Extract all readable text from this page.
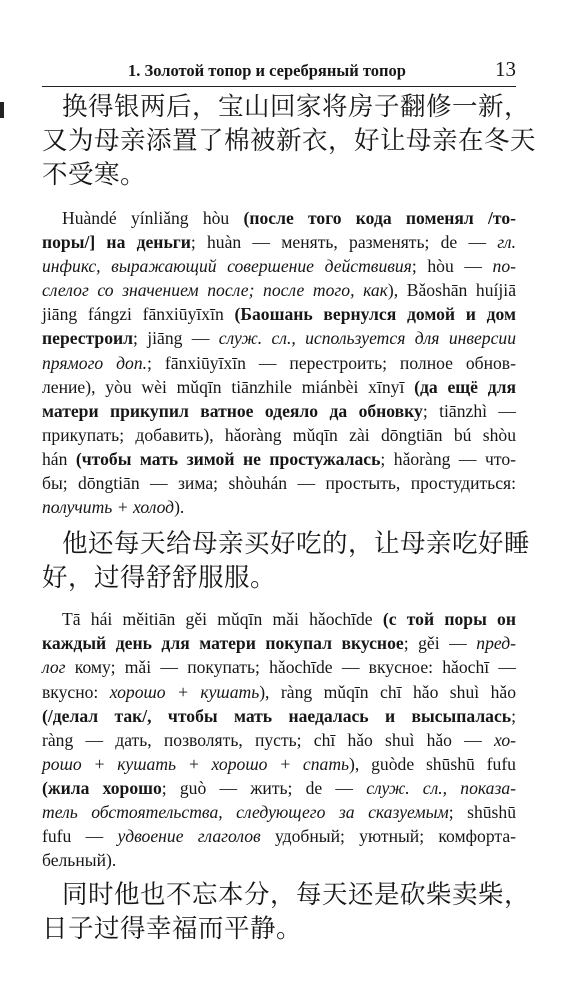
1. Золотой топор и серебряный топор	13

换得银两后，宝山回家将房子翻修一新，
又为母亲添置了棉被新衣，好让母亲在冬天
不受寒。

Huàndé yínliǎng hòu (после того кода поменял /то-
поры/] на деньги; huàn — менять, разменять; de — гл.
инфикс, выражающий совершение действивия; hòu — по-
слелог со значением после; после того, как), Bǎoshān huíjiā
jiāng fángzi fānxiūyīxīn (Баошань вернулся домой и дом
перестроил; jiāng — служ. сл., используется для инверсии
прямого доп.; fānxiūyīxīn — перестроить; полное обнов-
ление), yòu wèi mǔqīn tiānzhile miánbèi xīnyī (да ещё для
матери прикупил ватное одеяло да обновку; tiānzhì —
прикупать; добавить), hǎoràng mǔqīn zài dōngtiān bú shòu
hán (чтобы мать зимой не простужалась; hǎoràng — что-
бы; dōngtiān — зима; shòuhán — простыть, простудиться:
получить + холод).

他还每天给母亲买好吃的，让母亲吃好睡
好，过得舒舒服服。

Tā hái měitiān gěi mǔqīn mǎi hǎochīde (с той поры он
каждый день для матери покупал вкусное; gěi — пред-
лог кому; mǎi — покупать; hǎochīde — вкусное: hǎochī —
вкусно: хорошо + кушать), ràng mǔqīn chī hǎo shuì hǎo
(/делал так/, чтобы мать наедалась и высыпалась;
ràng — дать, позволять, пусть; chī hǎo shuì hǎo — хо-
рошо + кушать + хорошо + спать), guòde shūshū fufu
(жила хорошо; guò — жить; de — служ. сл., показа-
тель обстоятельства, следующего за сказуемым; shūshū
fufu — удвоение глаголов удобный; уютный; комфорта-
бельный).

同时他也不忘本分，每天还是砍柴卖柴，
日子过得幸福而平静。
